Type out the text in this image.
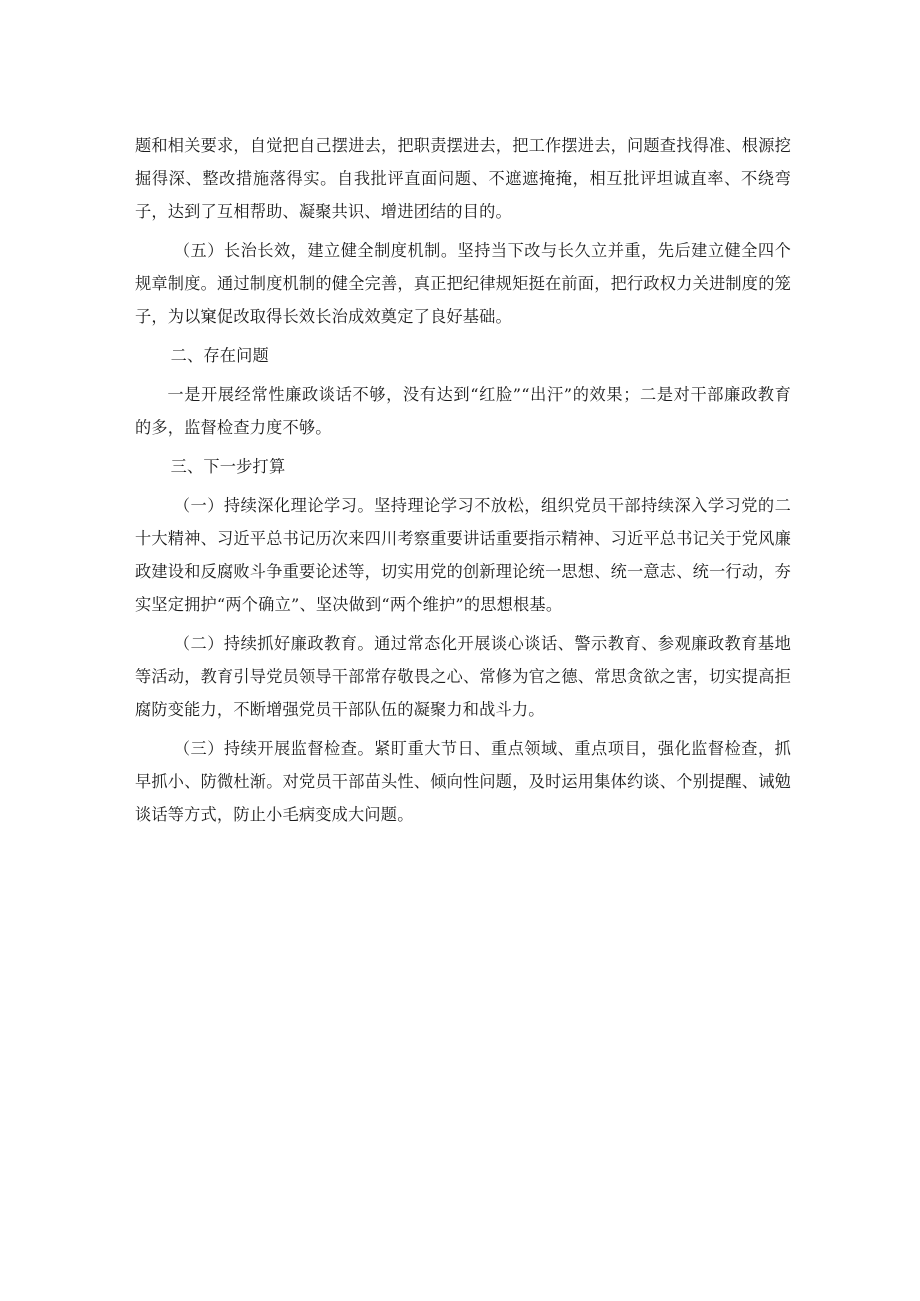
题和相关要求，自觉把自己摆进去，把职责摆进去，把工作摆进去，问题查找得准、根源挖掘得深、整改措施落得实。自我批评直面问题、不遮遮掩掩，相互批评坦诚直率、不绕弯子，达到了互相帮助、凝聚共识、增进团结的目的。

（五）长治长效，建立健全制度机制。坚持当下改与长久立并重，先后建立健全四个规章制度。通过制度机制的健全完善，真正把纪律规矩挺在前面，把行政权力关进制度的笼子，为以窠促改取得长效长治成效奠定了良好基础。

二、存在问题

一是开展经常性廉政谈话不够，没有达到“红脸”“出汗”的效果；二是对干部廉政教育的多，监督检查力度不够。

三、下一步打算

（一）持续深化理论学习。坚持理论学习不放松，组织党员干部持续深入学习党的二十大精神、习近平总书记历次来四川考察重要讲话重要指示精神、习近平总书记关于党风廉政建设和反腐败斗争重要论述等，切实用党的创新理论统一思想、统一意志、统一行动，夯实坚定拥护“两个确立”、坚决做到“两个维护”的思想根基。

（二）持续抓好廉政教育。通过常态化开展谈心谈话、警示教育、参观廉政教育基地等活动，教育引导党员领导干部常存敬畏之心、常修为官之德、常思贪欲之害，切实提高拒腐防变能力，不断增强党员干部队伍的凝聚力和战斗力。

（三）持续开展监督检查。紧盯重大节日、重点领域、重点项目，强化监督检查，抓早抓小、防微杜渐。对党员干部苗头性、倾向性问题，及时运用集体约谈、个别提醒、诫勉谈话等方式，防止小毛病变成大问题。
